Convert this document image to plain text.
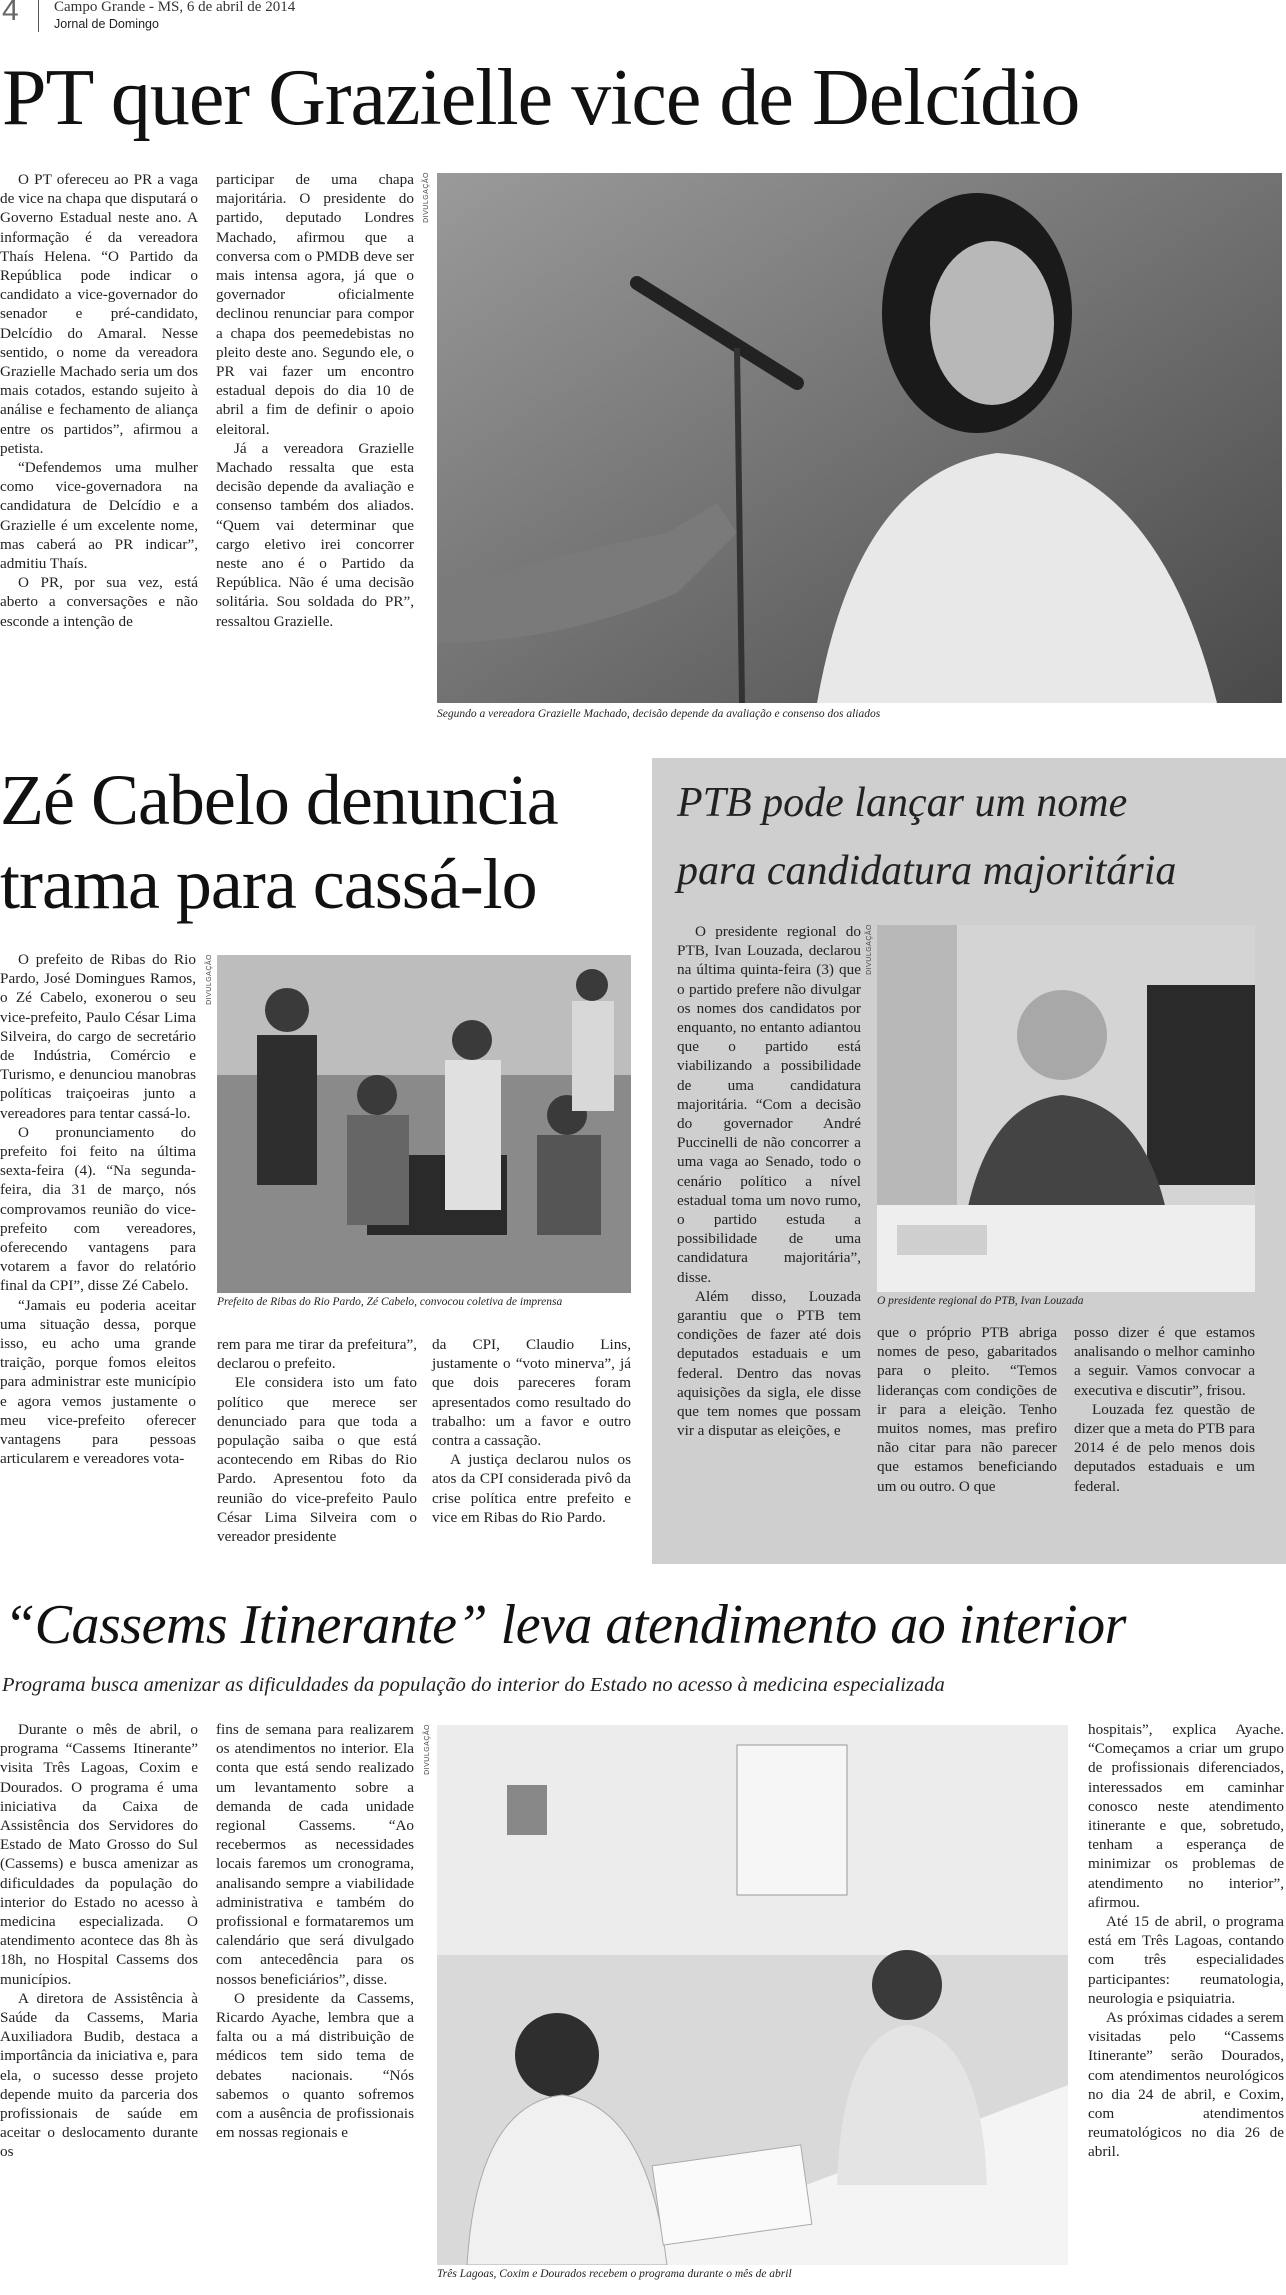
4 Campo Grande - MS, 6 de abril de 2014
Jornal de Domingo
PT quer Grazielle vice de Delcídio

O PT ofereceu ao PR a vaga de vice na chapa que disputará o Governo Estadual neste ano. A informação é da vereadora Thaís Helena. “O Partido da República pode indicar o candidato a vice-governador do senador e pré-candidato, Delcídio do Amaral. Nesse sentido, o nome da vereadora Grazielle Machado seria um dos mais cotados, estando sujeito à análise e fechamento de aliança entre os partidos”, afirmou a petista.

“Defendemos uma mulher como vice-governadora na candidatura de Delcídio e a Grazielle é um excelente nome, mas caberá ao PR indicar”, admitiu Thaís.

O PR, por sua vez, está aberto a conversações e não esconde a intenção de

participar de uma chapa majoritária. O presidente do partido, deputado Londres Machado, afirmou que a conversa com o PMDB deve ser mais intensa agora, já que o governador oficialmente declinou renunciar para compor a chapa dos peemedebistas no pleito deste ano. Segundo ele, o PR vai fazer um encontro estadual depois do dia 10 de abril a fim de definir o apoio eleitoral.

Já a vereadora Grazielle Machado ressalta que esta decisão depende da avaliação e consenso também dos aliados. “Quem vai determinar que cargo eletivo irei concorrer neste ano é o Partido da República. Não é uma decisão solitária. Sou soldada do PR”, ressaltou Grazielle.

DIVULGAÇÃO
Segundo a vereadora Grazielle Machado, decisão depende da avaliação e consenso dos aliados
Zé Cabelo denuncia
trama para cassá-lo

O prefeito de Ribas do Rio Pardo, José Domingues Ramos, o Zé Cabelo, exonerou o seu vice-prefeito, Paulo César Lima Silveira, do cargo de secretário de Indústria, Comércio e Turismo, e denunciou manobras políticas traiçoeiras junto a vereadores para tentar cassá-lo.

O pronunciamento do prefeito foi feito na última sexta-feira (4). “Na segunda-feira, dia 31 de março, nós comprovamos reunião do vice-prefeito com vereadores, oferecendo vantagens para votarem a favor do relatório final da CPI”, disse Zé Cabelo.

“Jamais eu poderia aceitar uma situação dessa, porque isso, eu acho uma grande traição, porque fomos eleitos para administrar este município e agora vemos justamente o meu vice-prefeito oferecer vantagens para pessoas articularem e vereadores vota-

DIVULGAÇÃO
Prefeito de Ribas do Rio Pardo, Zé Cabelo, convocou coletiva de imprensa

rem para me tirar da prefeitura”, declarou o prefeito.

Ele considera isto um fato político que merece ser denunciado para que toda a população saiba o que está acontecendo em Ribas do Rio Pardo. Apresentou foto da reunião do vice-prefeito Paulo César Lima Silveira com o vereador presidente

da CPI, Claudio Lins, justamente o “voto minerva”, já que dois pareceres foram apresentados como resultado do trabalho: um a favor e outro contra a cassação.

A justiça declarou nulos os atos da CPI considerada pivô da crise política entre prefeito e vice em Ribas do Rio Pardo.

PTB pode lançar um nome
para candidatura majoritária

O presidente regional do PTB, Ivan Louzada, declarou na última quinta-feira (3) que o partido prefere não divulgar os nomes dos candidatos por enquanto, no entanto adiantou que o partido está viabilizando a possibilidade de uma candidatura majoritária. “Com a decisão do governador André Puccinelli de não concorrer a uma vaga ao Senado, todo o cenário político a nível estadual toma um novo rumo, o partido estuda a possibilidade de uma candidatura majoritária”, disse.

Além disso, Louzada garantiu que o PTB tem condições de fazer até dois deputados estaduais e um federal. Dentro das novas aquisições da sigla, ele disse que tem nomes que possam vir a disputar as eleições, e

DIVULGAÇÃO
O presidente regional do PTB, Ivan Louzada

que o próprio PTB abriga nomes de peso, gabaritados para o pleito. “Temos lideranças com condições de ir para a eleição. Tenho muitos nomes, mas prefiro não citar para não parecer que estamos beneficiando um ou outro. O que

posso dizer é que estamos analisando o melhor caminho a seguir. Vamos convocar a executiva e discutir”, frisou.

Louzada fez questão de dizer que a meta do PTB para 2014 é de pelo menos dois deputados estaduais e um federal.

“Cassems Itinerante” leva atendimento ao interior
Programa busca amenizar as dificuldades da população do interior do Estado no acesso à medicina especializada

Durante o mês de abril, o programa “Cassems Itinerante” visita Três Lagoas, Coxim e Dourados. O programa é uma iniciativa da Caixa de Assistência dos Servidores do Estado de Mato Grosso do Sul (Cassems) e busca amenizar as dificuldades da população do interior do Estado no acesso à medicina especializada. O atendimento acontece das 8h às 18h, no Hospital Cassems dos municípios.

A diretora de Assistência à Saúde da Cassems, Maria Auxiliadora Budib, destaca a importância da iniciativa e, para ela, o sucesso desse projeto depende muito da parceria dos profissionais de saúde em aceitar o deslocamento durante os

fins de semana para realizarem os atendimentos no interior. Ela conta que está sendo realizado um levantamento sobre a demanda de cada unidade regional Cassems. “Ao recebermos as necessidades locais faremos um cronograma, analisando sempre a viabilidade administrativa e também do profissional e formataremos um calendário que será divulgado com antecedência para os nossos beneficiários”, disse.

O presidente da Cassems, Ricardo Ayache, lembra que a falta ou a má distribuição de médicos tem sido tema de debates nacionais. “Nós sabemos o quanto sofremos com a ausência de profissionais em nossas regionais e

DIVULGAÇÃO
Três Lagoas, Coxim e Dourados recebem o programa durante o mês de abril

hospitais”, explica Ayache. “Começamos a criar um grupo de profissionais diferenciados, interessados em caminhar conosco neste atendimento itinerante e que, sobretudo, tenham a esperança de minimizar os problemas de atendimento no interior”, afirmou.

Até 15 de abril, o programa está em Três Lagoas, contando com três especialidades participantes: reumatologia, neurologia e psiquiatria.

As próximas cidades a serem visitadas pelo “Cassems Itinerante” serão Dourados, com atendimentos neurológicos no dia 24 de abril, e Coxim, com atendimentos reumatológicos no dia 26 de abril.
